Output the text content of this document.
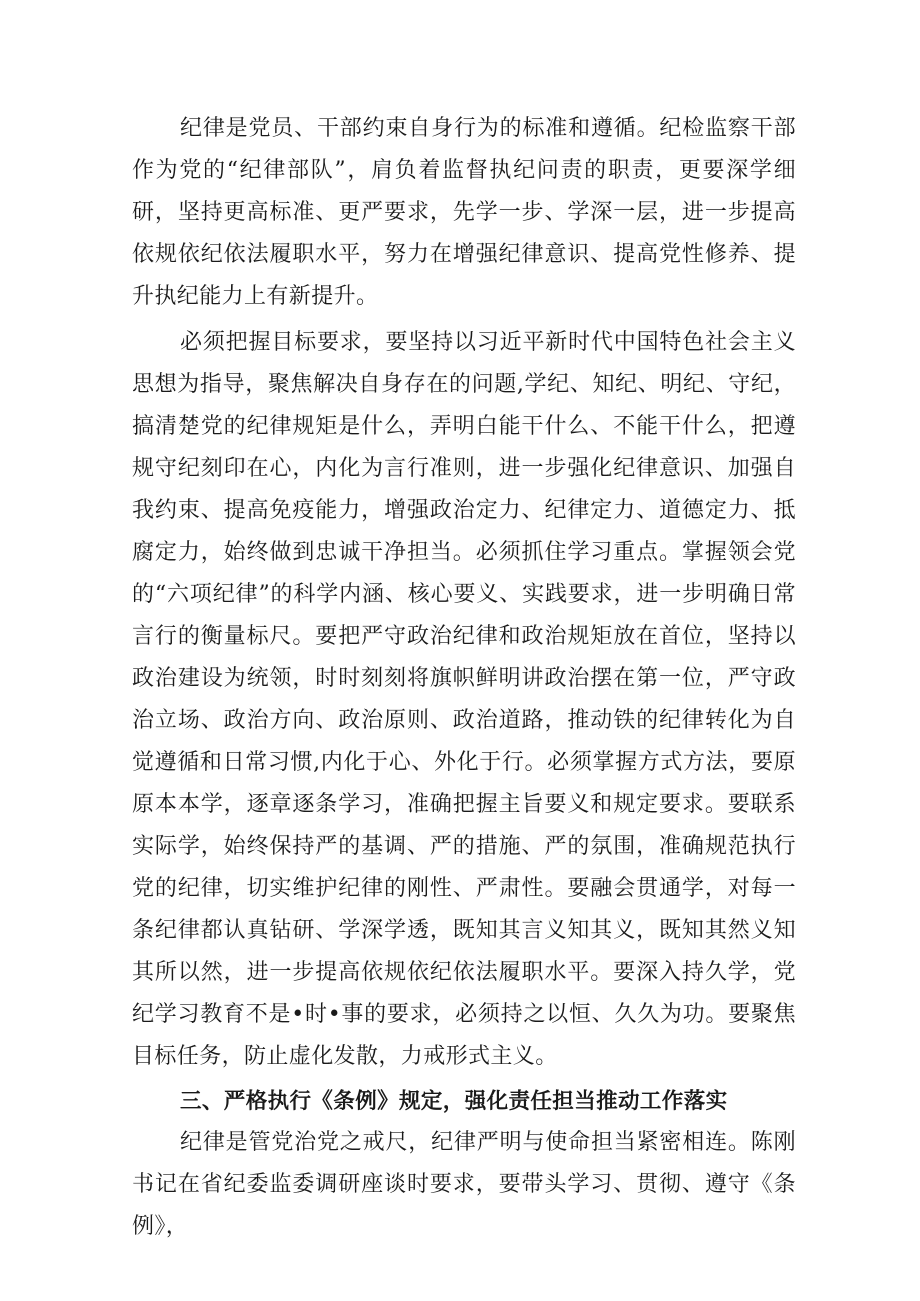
纪律是党员、干部约束自身行为的标准和遵循。纪检监察干部作为党的“纪律部队”，肩负着监督执纪问责的职责，更要深学细研，坚持更高标准、更严要求，先学一步、学深一层，进一步提高依规依纪依法履职水平，努力在增强纪律意识、提高党性修养、提升执纪能力上有新提升。

必须把握目标要求，要坚持以习近平新时代中国特色社会主义思想为指导，聚焦解决自身存在的问题,学纪、知纪、明纪、守纪，搞清楚党的纪律规矩是什么，弄明白能干什么、不能干什么，把遵规守纪刻印在心，内化为言行准则，进一步强化纪律意识、加强自我约束、提高免疫能力，增强政治定力、纪律定力、道德定力、抵腐定力，始终做到忠诚干净担当。必须抓住学习重点。掌握领会党的“六项纪律”的科学内涵、核心要义、实践要求，进一步明确日常言行的衡量标尺。要把严守政治纪律和政治规矩放在首位，坚持以政治建设为统领，时时刻刻将旗帜鲜明讲政治摆在第一位，严守政治立场、政治方向、政治原则、政治道路，推动铁的纪律转化为自觉遵循和日常习惯,内化于心、外化于行。必须掌握方式方法，要原原本本学，逐章逐条学习，准确把握主旨要义和规定要求。要联系实际学，始终保持严的基调、严的措施、严的氛围，准确规范执行党的纪律，切实维护纪律的刚性、严肃性。要融会贯通学，对每一条纪律都认真钻研、学深学透，既知其言义知其义，既知其然义知其所以然，进一步提高依规依纪依法履职水平。要深入持久学，党纪学习教育不是•时•事的要求，必须持之以恒、久久为功。要聚焦目标任务，防止虚化发散，力戒形式主义。

三、严格执行《条例》规定，强化责任担当推动工作落实

纪律是管党治党之戒尺，纪律严明与使命担当紧密相连。陈刚书记在省纪委监委调研座谈时要求，要带头学习、贯彻、遵守《条例》，
